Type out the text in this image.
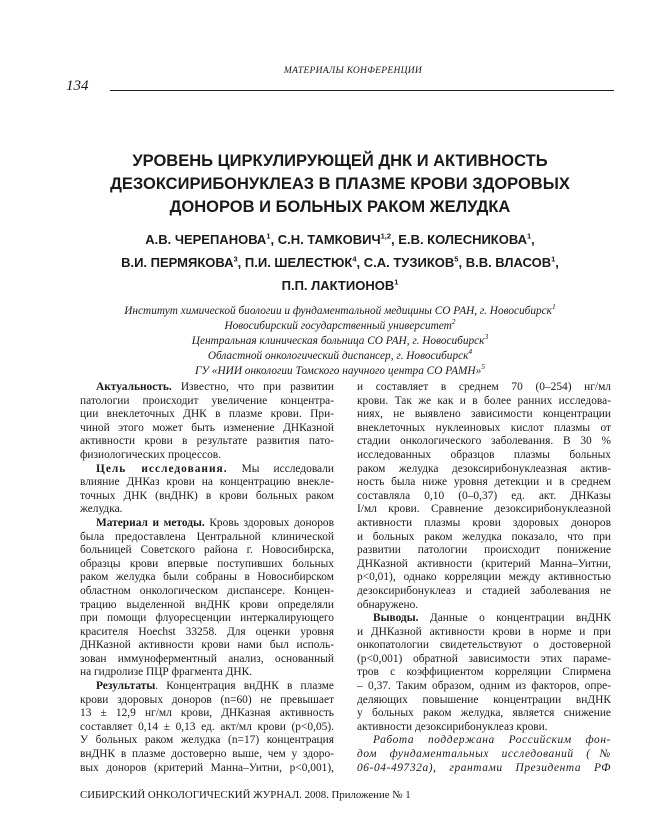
МАТЕРИАЛЫ КОНФЕРЕНЦИИ
134
УРОВЕНЬ ЦИРКУЛИРУЮЩЕЙ ДНК И АКТИВНОСТЬ
ДЕЗОКСИРИБОНУКЛЕАЗ В ПЛАЗМЕ КРОВИ ЗДОРОВЫХ
ДОНОРОВ И БОЛЬНЫХ РАКОМ ЖЕЛУДКА
А.В. ЧЕРЕПАНОВА$^1$, С.Н. ТАМКОВИЧ$^{1,2}$, Е.В. КОЛЕСНИКОВА$^1$,
В.И. ПЕРМЯКОВА$^3$, П.И. ШЕЛЕСТЮК$^4$, С.А. ТУЗИКОВ$^5$, В.В. ВЛАСОВ$^1$,
П.П. ЛАКТИОНОВ$^1$
Институт химической биологии и фундаментальной медицины СО РАН, г. Новосибирск$^1$
Новосибирский государственный университет$^2$
Центральная клиническая больница СО РАН, г. Новосибирск$^3$
Областной онкологический диспансер, г. Новосибирск$^4$
ГУ «НИИ онкологии Томского научного центра СО РАМН»$^5$
Актуальность. Известно, что при развитии
патологии происходит увеличение концентра-
ции внеклеточных ДНК в плазме крови. При-
чиной этого может быть изменение ДНКазной
активности крови в результате развития пато-
физиологических процессов.
Цель исследования. Мы исследовали
влияние ДНКаз крови на концентрацию внекле-
точных ДНК (внДНК) в крови больных раком
желудка.
Материал и методы. Кровь здоровых доноров
была предоставлена Центральной клинической
больницей Советского района г. Новосибирска,
образцы крови впервые поступивших больных
раком желудка были собраны в Новосибирском
областном онкологическом диспансере. Концен-
трацию выделенной внДНК крови определяли
при помощи флуоресценции интеркалирующего
красителя Hoechst 33258. Для оценки уровня
ДНКазной активности крови нами был исполь-
зован иммуноферментный анализ, основанный
на гидролизе ПЦР фрагмента ДНК.
Результаты. Концентрация внДНК в плазме
крови здоровых доноров (n=60) не превышает
13 ± 12,9 нг/мл крови, ДНКазная активность
составляет 0,14 ± 0,13 ед. акт/мл крови (p<0,05).
У больных раком желудка (n=17) концентрация
внДНК в плазме достоверно выше, чем у здоро-
вых доноров (критерий Манна–Уитни, p<0,001),
и составляет в среднем 70 (0–254) нг/мл
крови. Так же как и в более ранних исследова-
ниях, не выявлено зависимости концентрации
внеклеточных нуклеиновых кислот плазмы от
стадии онкологического заболевания. В 30 %
исследованных образцов плазмы больных
раком желудка дезоксирибонуклеазная актив-
ность была ниже уровня детекции и в среднем
составляла 0,10 (0–0,37) ед. акт. ДНКазы
I/мл крови. Сравнение дезоксирибонуклеазной
активности плазмы крови здоровых доноров
и больных раком желудка показало, что при
развитии патологии происходит понижение
ДНКазной активности (критерий Манна–Уитни,
p<0,01), однако корреляции между активностью
дезоксирибонуклеаз и стадией заболевания не
обнаружено.
Выводы. Данные о концентрации внДНК
и ДНКазной активности крови в норме и при
онкопатологии свидетельствуют о достоверной
(p<0,001) обратной зависимости этих параме-
тров с коэффициентом корреляции Спирмена
– 0,37. Таким образом, одним из факторов, опре-
деляющих повышение концентрации внДНК
у больных раком желудка, является снижение
активности дезоксирибонуклеаз крови.
Работа поддержана Российским фон-
дом фундаментальных исследований (№
06-04-49732а), грантами Президента РФ
СИБИРСКИЙ ОНКОЛОГИЧЕСКИЙ ЖУРНАЛ. 2008. Приложение № 1
